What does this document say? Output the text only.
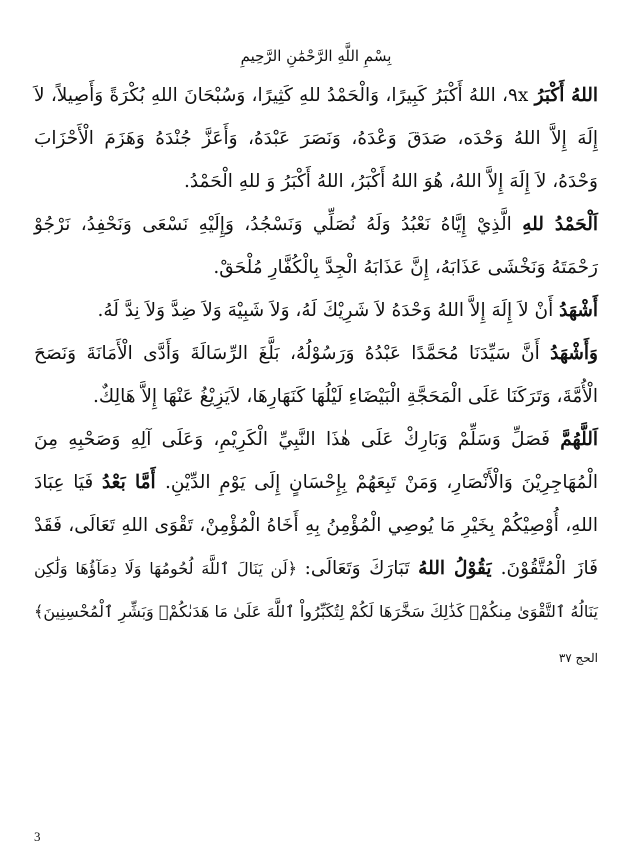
بِسْمِ اللَّهِ الرَّحْمَٰنِ الرَّحِيمِ

اللهُ أَكْبَرُ ٩x، اللهُ أَكْبَرُ كَبِيرًا، وَالْحَمْدُ للهِ كَثِيرًا، وَسُبْحَانَ اللهِ بُكْرَةً وَأَصِيلاً، لاَ إِلَهَ إِلاَّ اللهُ وَحْدَه، صَدَقَ وَعْدَهُ، وَنَصَرَ عَبْدَهُ، وَأَعَزَّ جُنْدَهُ وَهَزَمَ الْأَحْزَابَ وَحْدَهُ، لاَ إِلَهَ إِلاَّ اللهُ، هُوَ اللهُ أَكْبَرُ، اللهُ أَكْبَرُ وَ للهِ الْحَمْدُ.

اَلْحَمْدُ للهِ الَّذِيْ إِيَّاهُ نَعْبُدُ وَلَهُ نُصَلِّي وَنَسْجُدُ، وَإِلَيْهِ نَسْعَى وَنَحْفِدُ، نَرْجُوْ رَحْمَتَهُ وَنَخْشَى عَذَابَهُ، إِنَّ عَذَابَهُ الْجِدَّ بِالْكُفَّارِ مُلْحَقْ.

أَشْهَدُ أَنْ لاَ إِلَهَ إِلاَّ اللهُ وَحْدَهُ لاَ شَرِيْكَ لَهُ، وَلاَ شَبِيْهَ وَلاَ ضِدَّ وَلاَ نِدَّ لَهُ.

وَأَشْهَدُ أَنَّ سَيِّدَنَا مُحَمَّدًا عَبْدُهُ وَرَسُوْلُهُ، بَلَّغَ الرِّسَالَةَ وَأَدَّى الْأَمَانَةَ وَنَصَحَ الْأُمَّةَ، وَتَرَكَنَا عَلَى الْمَحَجَّةِ الْبَيْضَاءِ لَيْلُهَا كَنَهَارِهَا، لاَيَزِيْغُ عَنْهَا إِلاَّ هَالِكٌ.

اَللَّهُمَّ فَصَلِّ وَسَلِّمْ وَبَارِكْ عَلَى هٰذَا النَّبِيِّ الْكَرِيْمِ، وَعَلَى آلِهِ وَصَحْبِهِ مِنَ الْمُهَاجِرِيْنَ وَالْأَنْصَارِ، وَمَنْ تَبِعَهُمْ بِإِحْسَانٍ إِلَى يَوْمِ الدِّيْنِ. أَمَّا بَعْدُ فَيَا عِبَادَ اللهِ، أُوْصِيْكُمْ بِخَيْرِ مَا يُوصِي الْمُؤْمِنُ بِهِ أَخَاهُ الْمُؤْمِنْ، تَقْوَى اللهِ تَعَالَى، فَقَدْ فَازَ الْمُتَّقُوْنَ. يَقُوْلُ اللهُ تَبَارَكَ وَتَعَالَى: ﴿لَن يَنَالَ ٱللَّهَ لُحُومُهَا وَلَا دِمَآؤُهَا وَلَٰكِن يَنَالُهُ ٱلتَّقْوَىٰ مِنكُمْۚ كَذَٰلِكَ سَخَّرَهَا لَكُمْ لِتُكَبِّرُواْ ٱللَّهَ عَلَىٰ مَا هَدَىٰكُمْۗ وَبَشِّرِ ٱلْمُحْسِنِينَ﴾ الحج ٣٧

3
